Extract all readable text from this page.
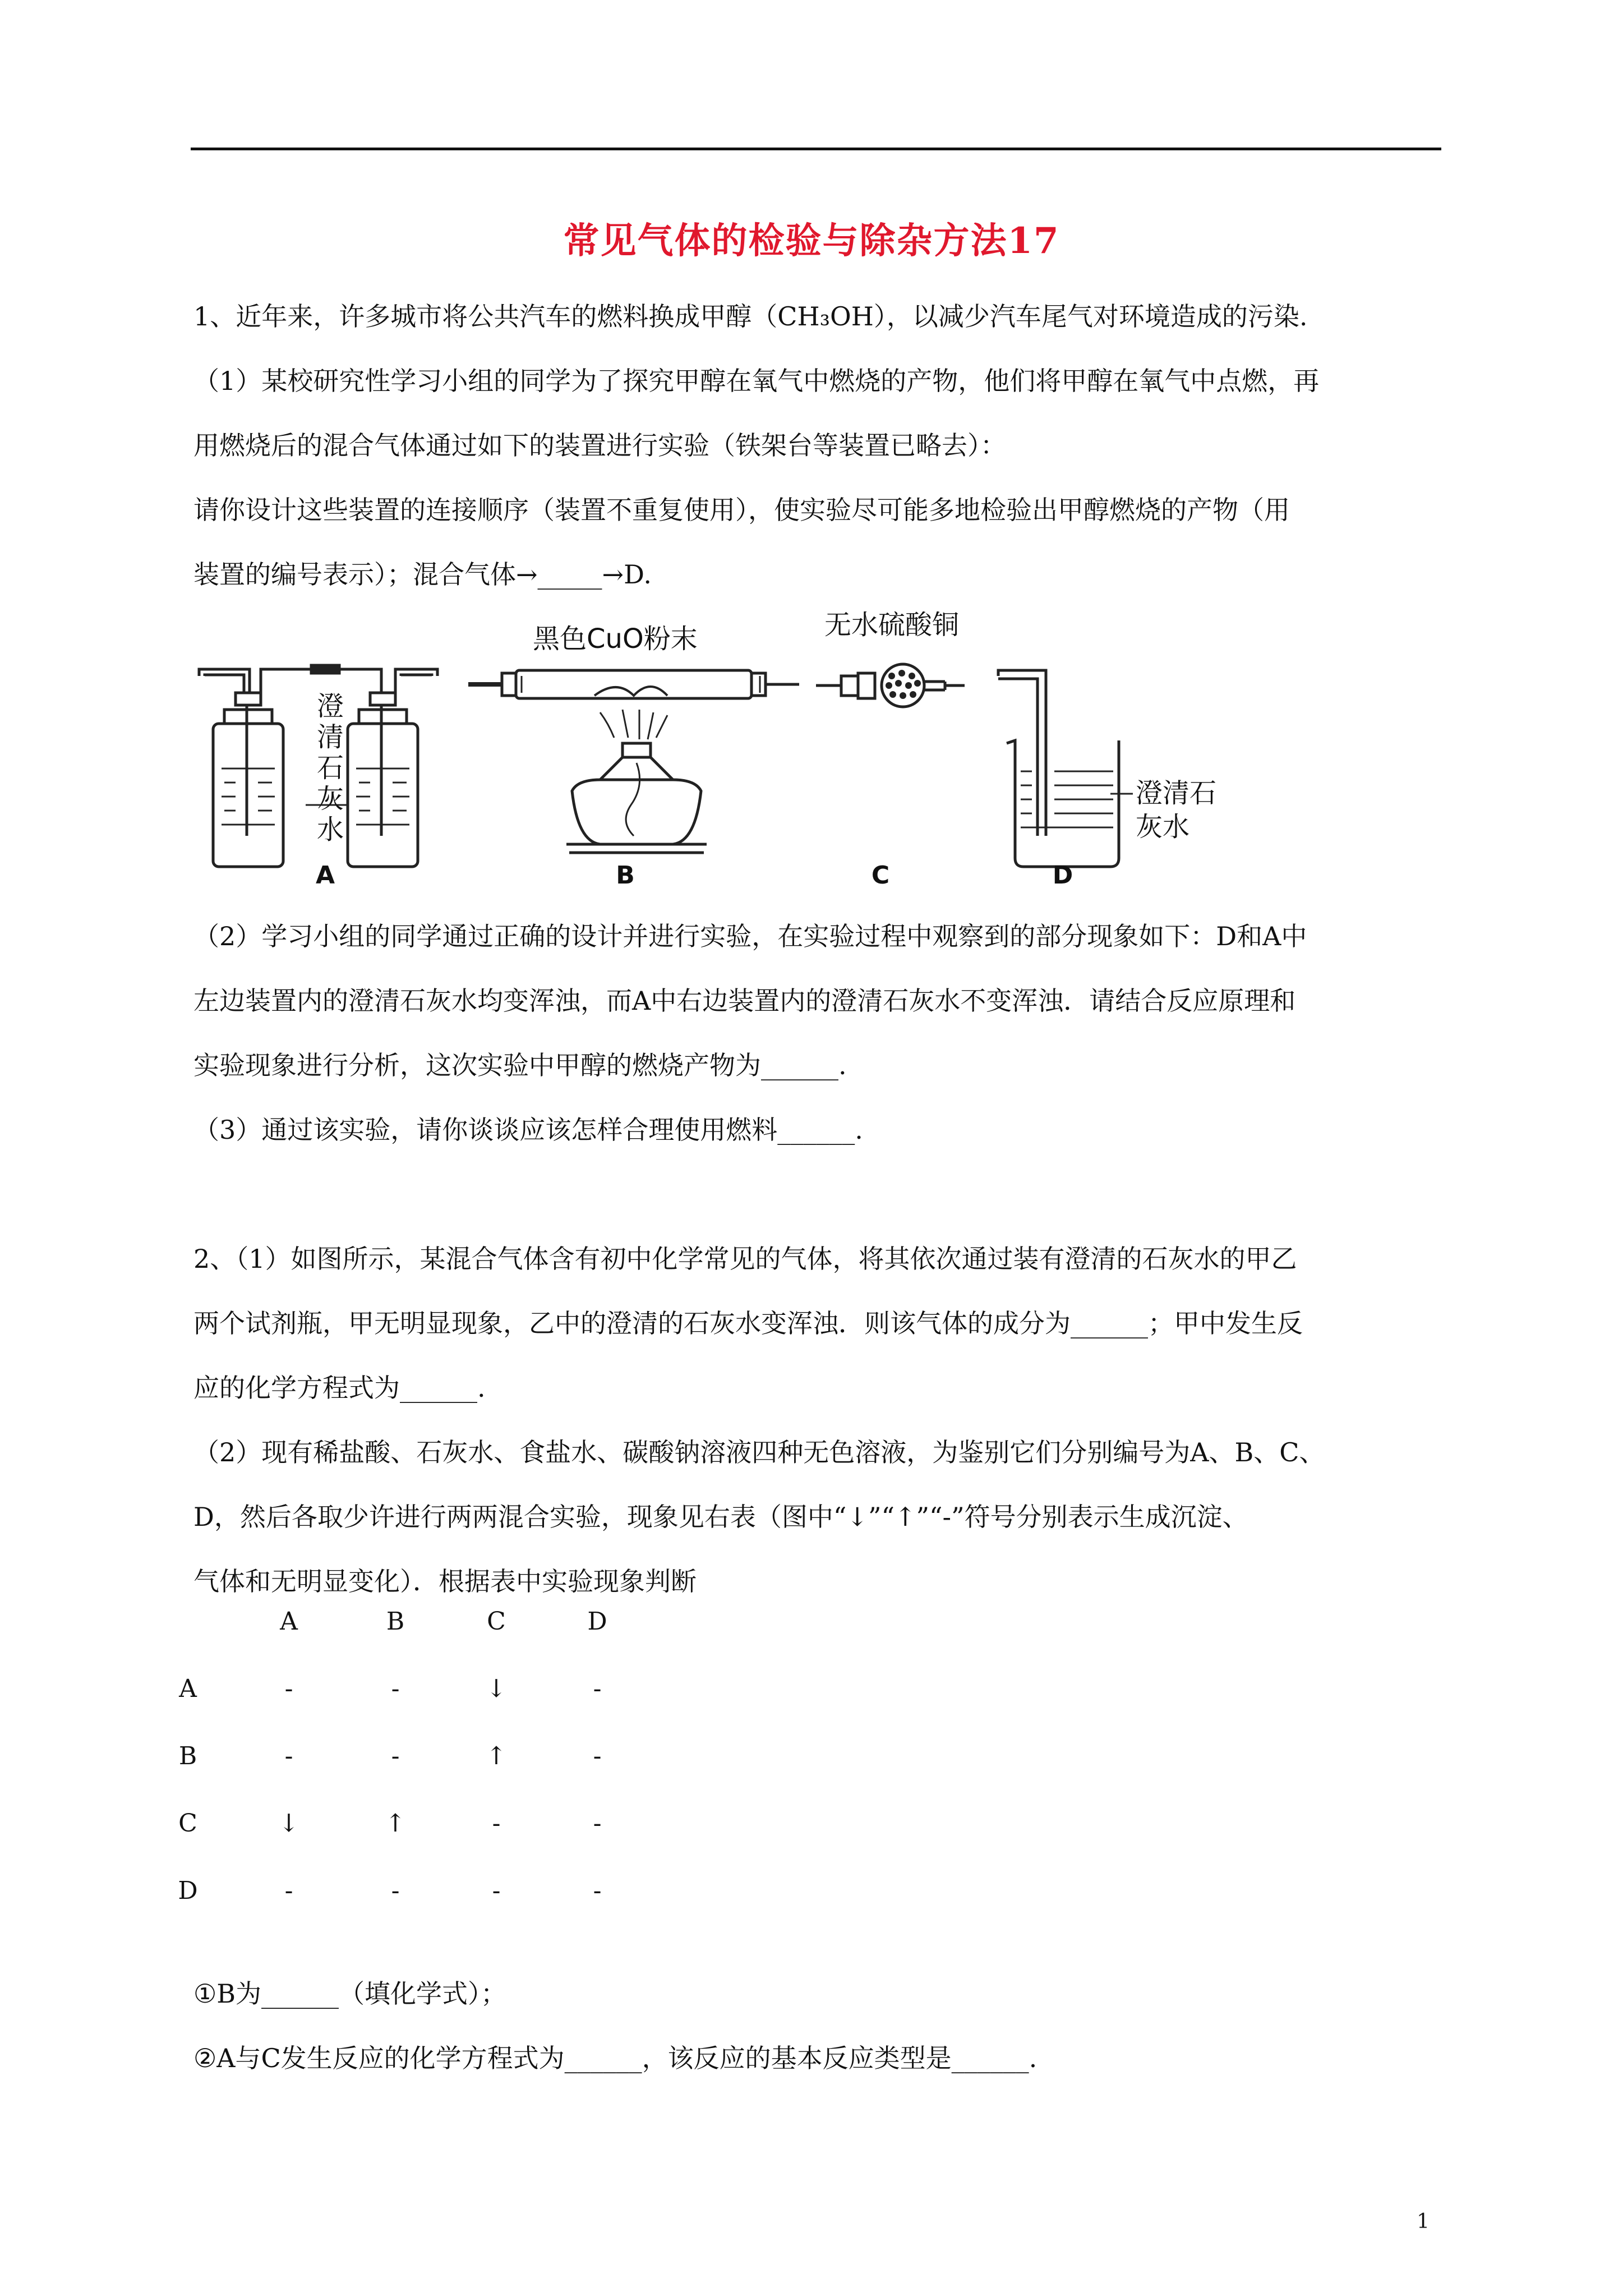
常见气体的检验与除杂方法17
1、近年来，许多城市将公共汽车的燃料换成甲醇（CH₃OH），以减少汽车尾气对环境造成的污染.
（1）某校研究性学习小组的同学为了探究甲醇在氧气中燃烧的产物，他们将甲醇在氧气中点燃，再
用燃烧后的混合气体通过如下的装置进行实验（铁架台等装置已略去）：
请你设计这些装置的连接顺序（装置不重复使用），使实验尽可能多地检验出甲醇燃烧的产物（用
装置的编号表示）；混合气体→_____→D.
澄
清
石
灰
水
黑色CuO粉末	无水硫酸铜
澄清石
灰水
A	B	C	D
（2）学习小组的同学通过正确的设计并进行实验，在实验过程中观察到的部分现象如下：D和A中
左边装置内的澄清石灰水均变浑浊，而A中右边装置内的澄清石灰水不变浑浊．请结合反应原理和
实验现象进行分析，这次实验中甲醇的燃烧产物为______.
（3）通过该实验，请你谈谈应该怎样合理使用燃料______.
2、（1）如图所示，某混合气体含有初中化学常见的气体，将其依次通过装有澄清的石灰水的甲乙
两个试剂瓶，甲无明显现象，乙中的澄清的石灰水变浑浊．则该气体的成分为______；甲中发生反
应的化学方程式为______.
（2）现有稀盐酸、石灰水、食盐水、碳酸钠溶液四种无色溶液，为鉴别它们分别编号为A、B、C、
D，然后各取少许进行两两混合实验，现象见右表（图中“↓”“↑”“-”符号分别表示生成沉淀、
气体和无明显变化）．根据表中实验现象判断
A	B	C	D
A	-	-	↓	-
B	-	-	↑	-
C	↓	↑	-	-
D	-	-	-	-
①B为______（填化学式）；
②A与C发生反应的化学方程式为______，该反应的基本反应类型是______.
1
